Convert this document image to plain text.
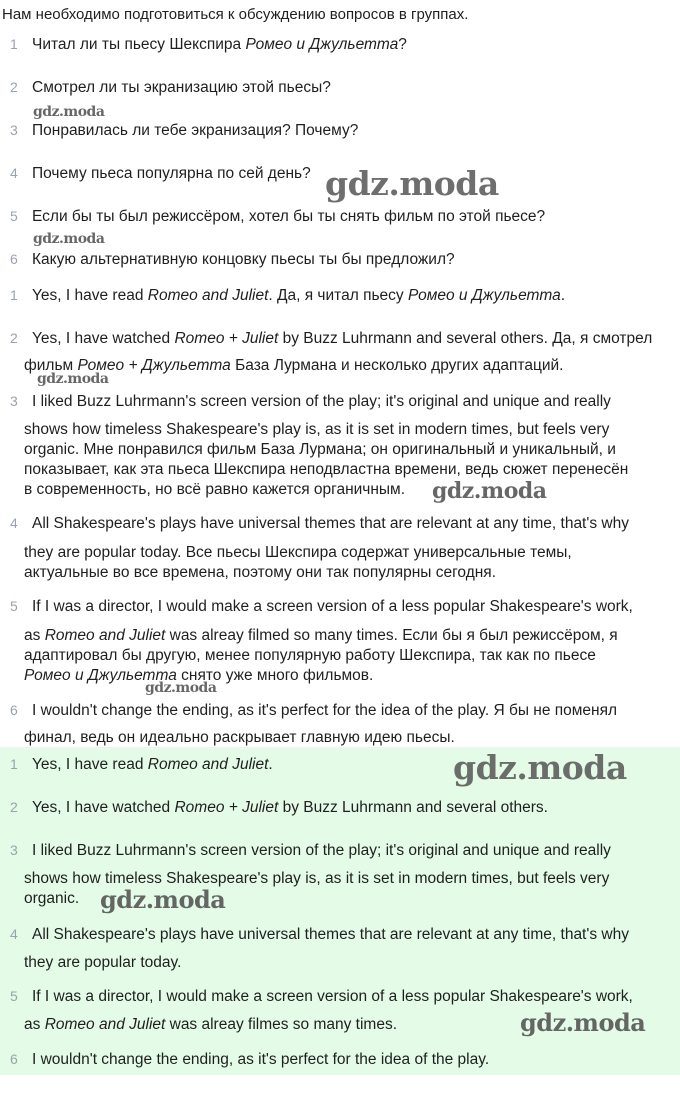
Нам необходимо подготовиться к обсуждению вопросов в группах.
1 Читал ли ты пьесу Шекспира Ромео и Джульетта?
2 Смотрел ли ты экранизацию этой пьесы?
3 Понравилась ли тебе экранизация? Почему?
4 Почему пьеса популярна по сей день?
5 Если бы ты был режиссёром, хотел бы ты снять фильм по этой пьесе?
6 Какую альтернативную концовку пьесы ты бы предложил?
1 Yes, I have read Romeo and Juliet. Да, я читал пьесу Ромео и Джульетта.
2 Yes, I have watched Romeo + Juliet by Buzz Luhrmann and several others. Да, я смотрел
фильм Ромео + Джульетта База Лурмана и несколько других адаптаций.
3 I liked Buzz Luhrmann's screen version of the play; it's original and unique and really
shows how timeless Shakespeare's play is, as it is set in modern times, but feels very
organic. Мне понравился фильм База Лурмана; он оригинальный и уникальный, и
показывает, как эта пьеса Шекспира неподвластна времени, ведь сюжет перенесён
в современность, но всё равно кажется органичным.
4 All Shakespeare's plays have universal themes that are relevant at any time, that's why
they are popular today. Все пьесы Шекспира содержат универсальные темы,
актуальные во все времена, поэтому они так популярны сегодня.
5 If I was a director, I would make a screen version of a less popular Shakespeare's work,
as Romeo and Juliet was alreay filmed so many times. Если бы я был режиссёром, я
адаптировал бы другую, менее популярную работу Шекспира, так как по пьесе
Ромео и Джульетта снято уже много фильмов.
6 I wouldn't change the ending, as it's perfect for the idea of the play. Я бы не поменял
финал, ведь он идеально раскрывает главную идею пьесы.
1 Yes, I have read Romeo and Juliet.
2 Yes, I have watched Romeo + Juliet by Buzz Luhrmann and several others.
3 I liked Buzz Luhrmann's screen version of the play; it's original and unique and really
shows how timeless Shakespeare's play is, as it is set in modern times, but feels very
organic.
4 All Shakespeare's plays have universal themes that are relevant at any time, that's why
they are popular today.
5 If I was a director, I would make a screen version of a less popular Shakespeare's work,
as Romeo and Juliet was alreay filmes so many times.
6 I wouldn't change the ending, as it's perfect for the idea of the play.
gdz.moda
gdz.moda
gdz.moda
gdz.moda
gdz.moda
gdz.moda
gdz.moda
gdz.moda
gdz.moda
